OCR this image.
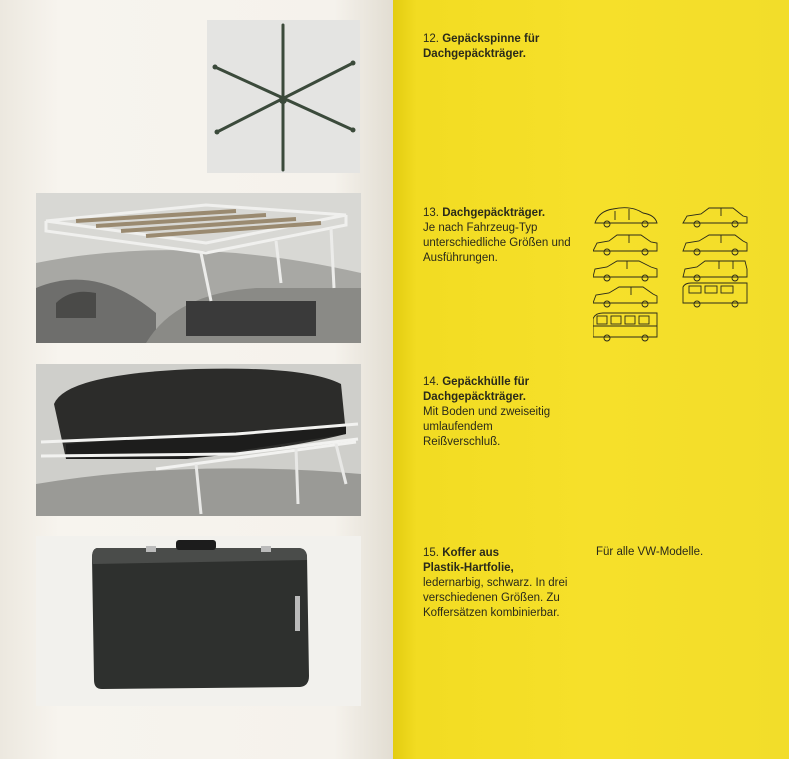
12. Gepäckspinne für
Dachgepäckträger.
13. Dachgepäckträger.
Je nach Fahrzeug-Typ unterschiedliche Größen und Ausführungen.
14. Gepäckhülle für
Dachgepäckträger.
Mit Boden und zweiseitig umlaufendem Reißverschluß.
15. Koffer aus
Plastik-Hartfolie,
ledernarbig, schwarz. In drei verschiedenen Größen. Zu Koffersätzen kombinierbar.
Für alle VW-Modelle.
